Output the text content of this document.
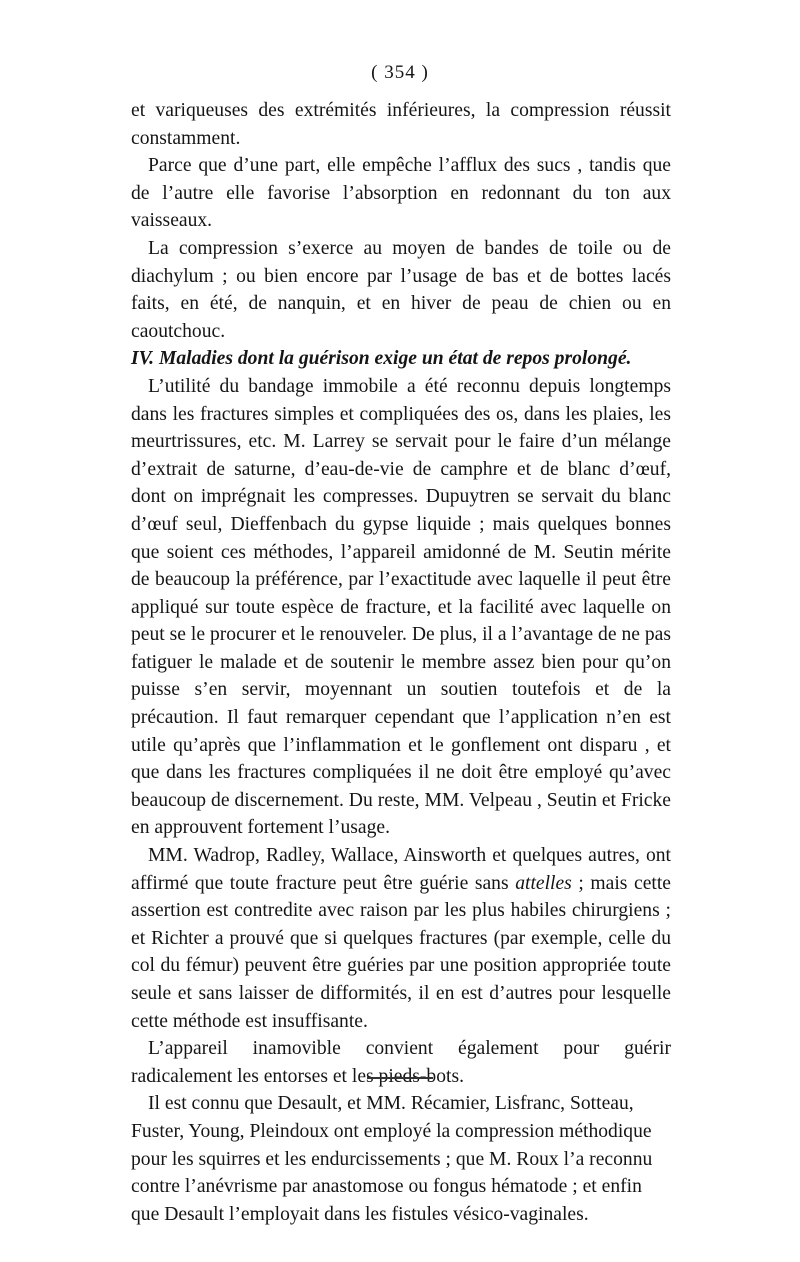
( 354 )

et variqueuses des extrémités inférieures, la compression réussit constamment.

Parce que d’une part, elle empêche l’afflux des sucs , tandis que de l’autre elle favorise l’absorption en redonnant du ton aux vaisseaux.

La compression s’exerce au moyen de bandes de toile ou de diachylum ; ou bien encore par l’usage de bas et de bottes lacés faits, en été, de nanquin, et en hiver de peau de chien ou en caoutchouc.

IV. Maladies dont la guérison exige un état de repos prolongé.

L’utilité du bandage immobile a été reconnu depuis longtemps dans les fractures simples et compliquées des os, dans les plaies, les meurtrissures, etc. M. Larrey se servait pour le faire d’un mélange d’extrait de saturne, d’eau-de-vie de camphre et de blanc d’œuf, dont on imprégnait les compresses. Dupuytren se servait du blanc d’œuf seul, Dieffenbach du gypse liquide ; mais quelques bonnes que soient ces méthodes, l’appareil amidonné de M. Seutin mérite de beaucoup la préférence, par l’exactitude avec laquelle il peut être appliqué sur toute espèce de fracture, et la facilité avec laquelle on peut se le procurer et le renouveler. De plus, il a l’avantage de ne pas fatiguer le malade et de soutenir le membre assez bien pour qu’on puisse s’en servir, moyennant un soutien toutefois et de la précaution. Il faut remarquer cependant que l’application n’en est utile qu’après que l’inflammation et le gonflement ont disparu , et que dans les fractures compliquées il ne doit être employé qu’avec beaucoup de discernement. Du reste, MM. Velpeau , Seutin et Fricke en approuvent fortement l’usage.

MM. Wadrop, Radley, Wallace, Ainsworth et quelques autres, ont affirmé que toute fracture peut être guérie sans attelles ; mais cette assertion est contredite avec raison par les plus habiles chirurgiens ; et Richter a prouvé que si quelques fractures (par exemple, celle du col du fémur) peuvent être guéries par une position appropriée toute seule et sans laisser de difformités, il en est d’autres pour lesquelle cette méthode est insuffisante.

L’appareil inamovible convient également pour guérir radicalement les entorses et les pieds-bots.

Il est connu que Desault, et MM. Récamier, Lisfranc, Sotteau, Fuster, Young, Pleindoux ont employé la compression méthodique pour les squirres et les endurcissements ; que M. Roux l’a reconnu contre l’anévrisme par anastomose ou fongus hématode ; et enfin que Desault l’employait dans les fistules vésico-vaginales.
